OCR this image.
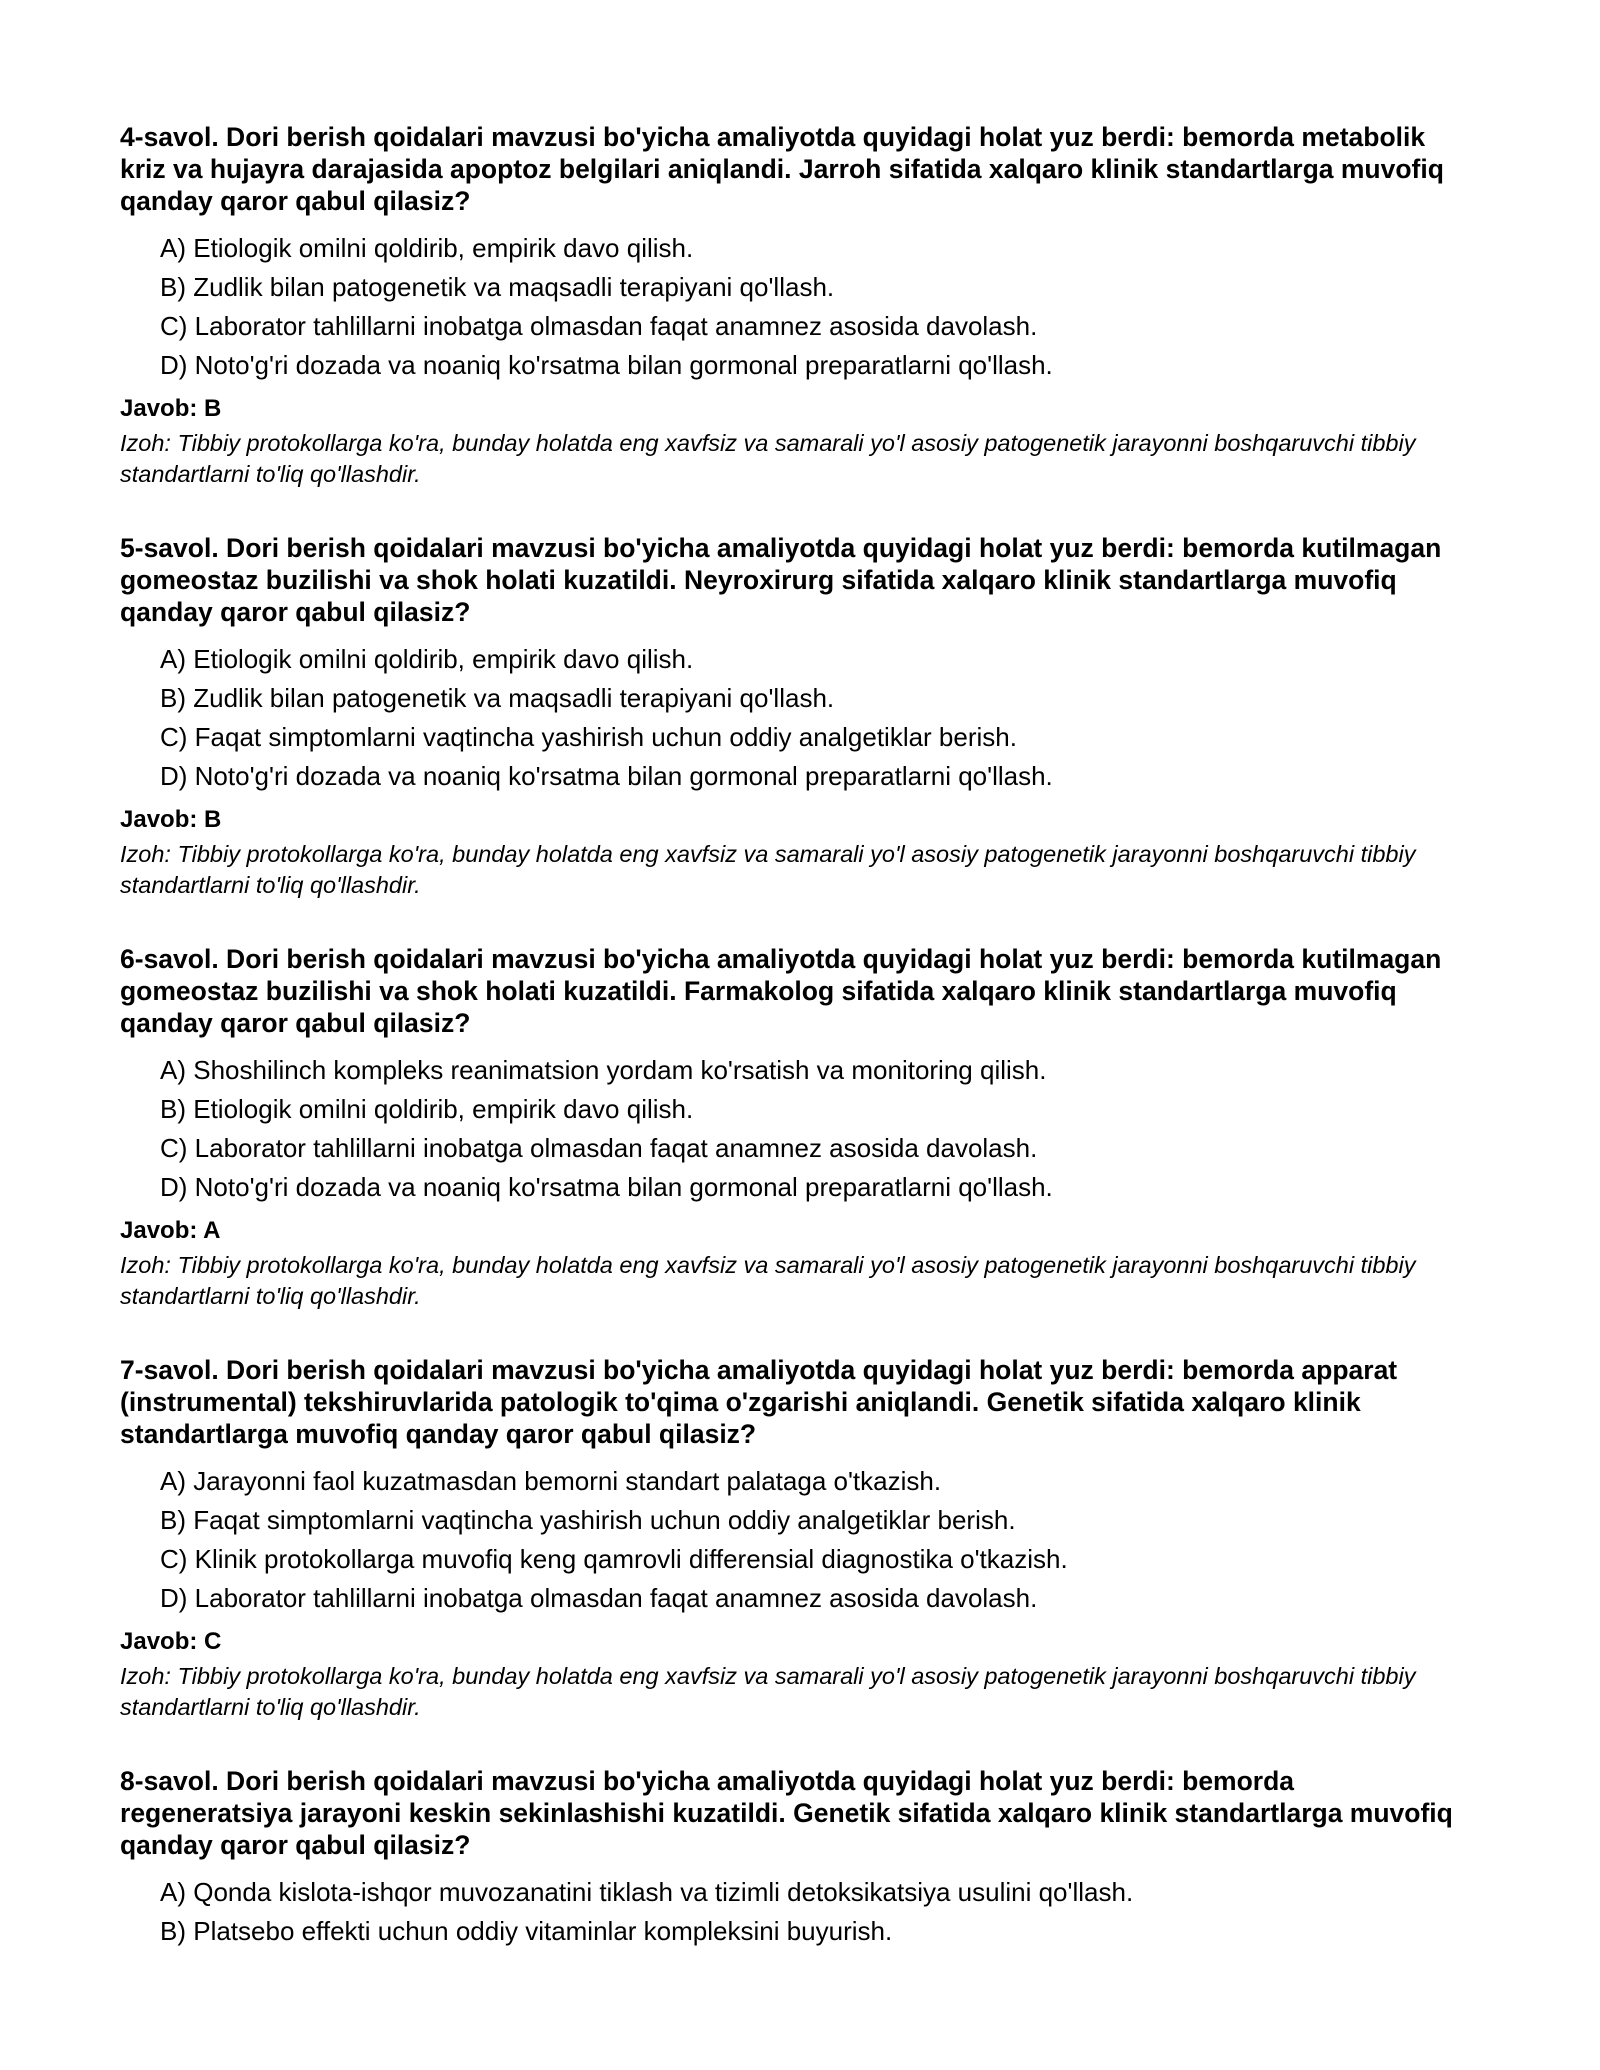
4-savol. Dori berish qoidalari mavzusi bo'yicha amaliyotda quyidagi holat yuz berdi: bemorda metabolik kriz va hujayra darajasida apoptoz belgilari aniqlandi. Jarroh sifatida xalqaro klinik standartlarga muvofiq qanday qaror qabul qilasiz?
A) Etiologik omilni qoldirib, empirik davo qilish.
B) Zudlik bilan patogenetik va maqsadli terapiyani qo'llash.
C) Laborator tahlillarni inobatga olmasdan faqat anamnez asosida davolash.
D) Noto'g'ri dozada va noaniq ko'rsatma bilan gormonal preparatlarni qo'llash.
Javob: B

Izoh: Tibbiy protokollarga ko'ra, bunday holatda eng xavfsiz va samarali yo'l asosiy patogenetik jarayonni boshqaruvchi tibbiy standartlarni to'liq qo'llashdir.

5-savol. Dori berish qoidalari mavzusi bo'yicha amaliyotda quyidagi holat yuz berdi: bemorda kutilmagan gomeostaz buzilishi va shok holati kuzatildi. Neyroxirurg sifatida xalqaro klinik standartlarga muvofiq qanday qaror qabul qilasiz?
A) Etiologik omilni qoldirib, empirik davo qilish.
B) Zudlik bilan patogenetik va maqsadli terapiyani qo'llash.
C) Faqat simptomlarni vaqtincha yashirish uchun oddiy analgetiklar berish.
D) Noto'g'ri dozada va noaniq ko'rsatma bilan gormonal preparatlarni qo'llash.
Javob: B

Izoh: Tibbiy protokollarga ko'ra, bunday holatda eng xavfsiz va samarali yo'l asosiy patogenetik jarayonni boshqaruvchi tibbiy standartlarni to'liq qo'llashdir.

6-savol. Dori berish qoidalari mavzusi bo'yicha amaliyotda quyidagi holat yuz berdi: bemorda kutilmagan gomeostaz buzilishi va shok holati kuzatildi. Farmakolog sifatida xalqaro klinik standartlarga muvofiq qanday qaror qabul qilasiz?
A) Shoshilinch kompleks reanimatsion yordam ko'rsatish va monitoring qilish.
B) Etiologik omilni qoldirib, empirik davo qilish.
C) Laborator tahlillarni inobatga olmasdan faqat anamnez asosida davolash.
D) Noto'g'ri dozada va noaniq ko'rsatma bilan gormonal preparatlarni qo'llash.
Javob: A

Izoh: Tibbiy protokollarga ko'ra, bunday holatda eng xavfsiz va samarali yo'l asosiy patogenetik jarayonni boshqaruvchi tibbiy standartlarni to'liq qo'llashdir.

7-savol. Dori berish qoidalari mavzusi bo'yicha amaliyotda quyidagi holat yuz berdi: bemorda apparat (instrumental) tekshiruvlarida patologik to'qima o'zgarishi aniqlandi. Genetik sifatida xalqaro klinik standartlarga muvofiq qanday qaror qabul qilasiz?
A) Jarayonni faol kuzatmasdan bemorni standart palataga o'tkazish.
B) Faqat simptomlarni vaqtincha yashirish uchun oddiy analgetiklar berish.
C) Klinik protokollarga muvofiq keng qamrovli differensial diagnostika o'tkazish.
D) Laborator tahlillarni inobatga olmasdan faqat anamnez asosida davolash.
Javob: C

Izoh: Tibbiy protokollarga ko'ra, bunday holatda eng xavfsiz va samarali yo'l asosiy patogenetik jarayonni boshqaruvchi tibbiy standartlarni to'liq qo'llashdir.

8-savol. Dori berish qoidalari mavzusi bo'yicha amaliyotda quyidagi holat yuz berdi: bemorda regeneratsiya jarayoni keskin sekinlashishi kuzatildi. Genetik sifatida xalqaro klinik standartlarga muvofiq qanday qaror qabul qilasiz?
A) Qonda kislota-ishqor muvozanatini tiklash va tizimli detoksikatsiya usulini qo'llash.
B) Platsebo effekti uchun oddiy vitaminlar kompleksini buyurish.
